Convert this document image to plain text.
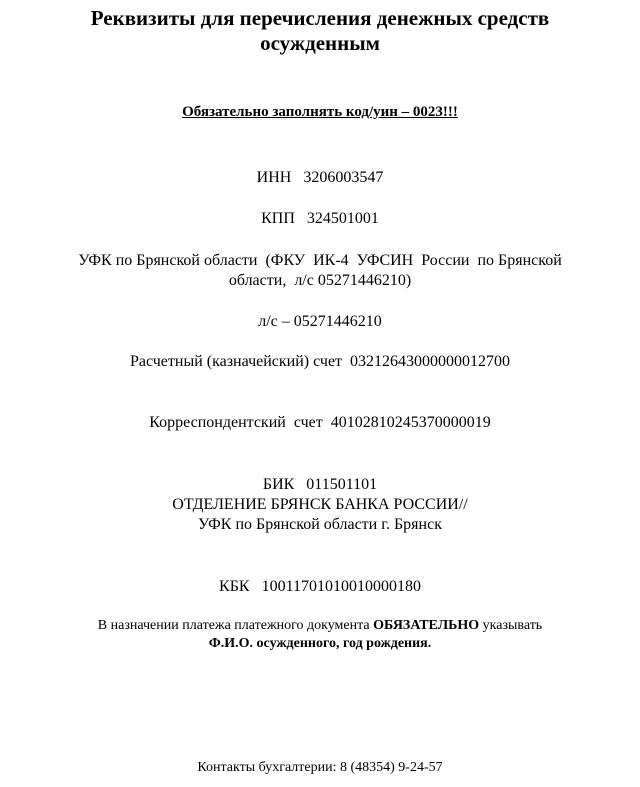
Реквизиты для перечисления денежных средств
осужденным
Обязательно заполнять код/уин – 0023!!!
ИНН   3206003547
КПП   324501001
УФК по Брянской области  (ФКУ  ИК-4  УФСИН  России  по Брянской
области,  л/с 05271446210)
л/с – 05271446210
Расчетный (казначейский) счет  03212643000000012700
Корреспондентский  счет  40102810245370000019
БИК   011501101
ОТДЕЛЕНИЕ БРЯНСК БАНКА РОССИИ//
УФК по Брянской области г. Брянск
КБК   10011701010010000180
В назначении платежа платежного документа ОБЯЗАТЕЛЬНО указывать
Ф.И.О. осужденного, год рождения.
Контакты бухгалтерии: 8 (48354) 9-24-57
